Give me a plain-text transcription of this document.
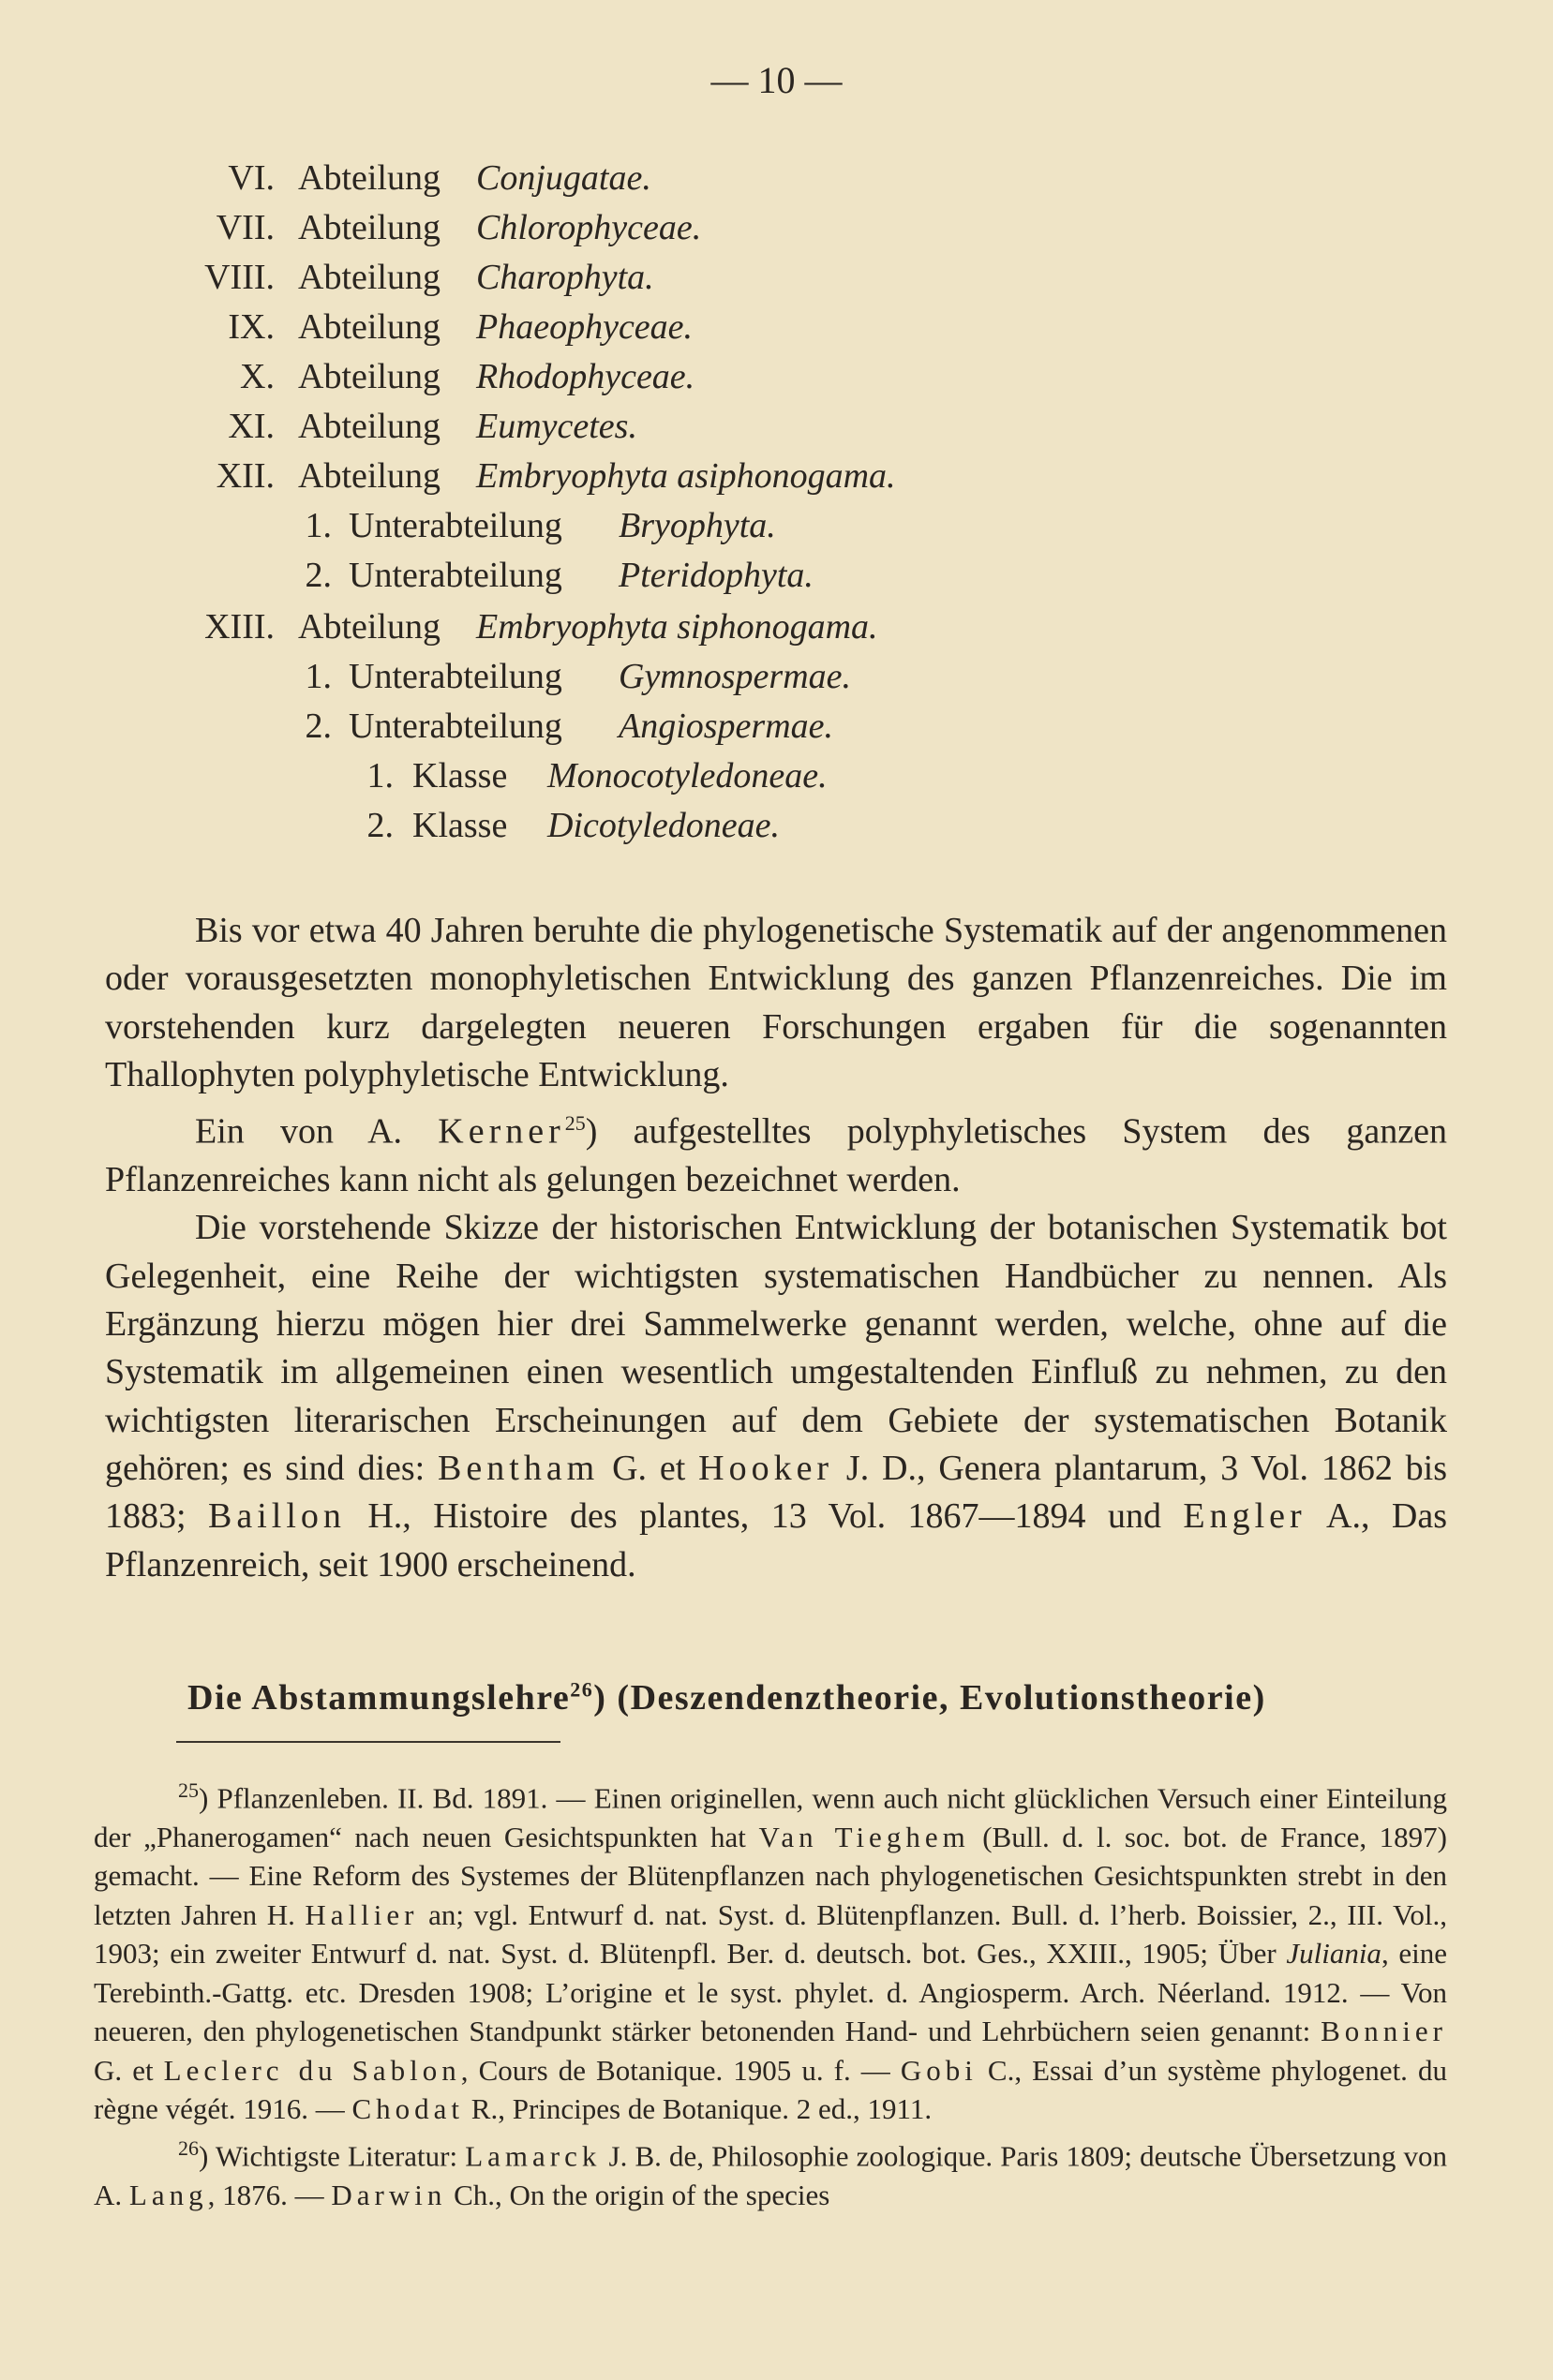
— 10 —
VI. Abteilung Conjugatae.
VII. Abteilung Chlorophyceae.
VIII. Abteilung Charophyta.
IX. Abteilung Phaeophyceae.
X. Abteilung Rhodophyceae.
XI. Abteilung Eumycetes.
XII. Abteilung Embryophyta asiphonogama.
1. Unterabteilung Bryophyta.
2. Unterabteilung Pteridophyta.
XIII. Abteilung Embryophyta siphonogama.
1. Unterabteilung Gymnospermae.
2. Unterabteilung Angiospermae.
1. Klasse Monocotyledoneae.
2. Klasse Dicotyledoneae.

Bis vor etwa 40 Jahren beruhte die phylogenetische Systematik auf der angenommenen oder vorausgesetzten monophyletischen Entwicklung des ganzen Pflanzenreiches. Die im vorstehenden kurz dargelegten neueren Forschungen ergaben für die sogenannten Thallophyten polyphyletische Entwicklung.

Ein von A. Kerner$^{25}$) aufgestelltes polyphyletisches System des ganzen Pflanzenreiches kann nicht als gelungen bezeichnet werden.

Die vorstehende Skizze der historischen Entwicklung der botanischen Systematik bot Gelegenheit, eine Reihe der wichtigsten systematischen Handbücher zu nennen. Als Ergänzung hierzu mögen hier drei Sammelwerke genannt werden, welche, ohne auf die Systematik im allgemeinen einen wesentlich umgestaltenden Einfluß zu nehmen, zu den wichtigsten literarischen Erscheinungen auf dem Gebiete der systematischen Botanik gehören; es sind dies: Bentham G. et Hooker J. D., Genera plantarum, 3 Vol. 1862 bis 1883; Baillon H., Histoire des plantes, 13 Vol. 1867—1894 und Engler A., Das Pflanzenreich, seit 1900 erscheinend.

Die Abstammungslehre$^{26}$) (Deszendenztheorie, Evolutionstheorie)

$^{25}$) Pflanzenleben. II. Bd. 1891. — Einen originellen, wenn auch nicht glücklichen Versuch einer Einteilung der „Phanerogamen“ nach neuen Gesichtspunkten hat Van Tieghem (Bull. d. l. soc. bot. de France, 1897) gemacht. — Eine Reform des Systemes der Blütenpflanzen nach phylogenetischen Gesichtspunkten strebt in den letzten Jahren H. Hallier an; vgl. Entwurf d. nat. Syst. d. Blütenpflanzen. Bull. d. l’herb. Boissier, 2., III. Vol., 1903; ein zweiter Entwurf d. nat. Syst. d. Blütenpfl. Ber. d. deutsch. bot. Ges., XXIII., 1905; Über Juliania, eine Terebinth.-Gattg. etc. Dresden 1908; L’origine et le syst. phylet. d. Angiosperm. Arch. Néerland. 1912. — Von neueren, den phylogenetischen Standpunkt stärker betonenden Hand- und Lehrbüchern seien genannt: Bonnier G. et Leclerc du Sablon, Cours de Botanique. 1905 u. f. — Gobi C., Essai d’un système phylogenet. du règne végét. 1916. — Chodat R., Principes de Botanique. 2 ed., 1911.

$^{26}$) Wichtigste Literatur: Lamarck J. B. de, Philosophie zoologique. Paris 1809; deutsche Übersetzung von A. Lang, 1876. — Darwin Ch., On the origin of the species
